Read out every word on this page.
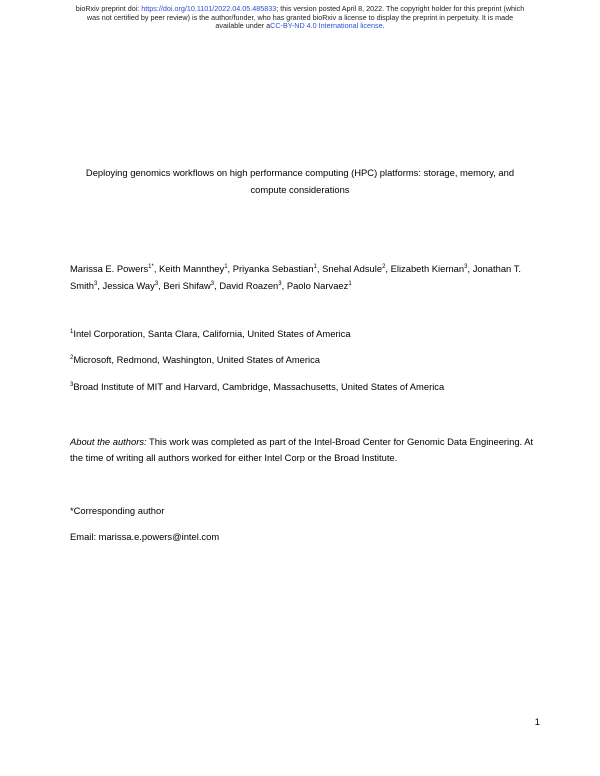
bioRxiv preprint doi: https://doi.org/10.1101/2022.04.05.485833; this version posted April 8, 2022. The copyright holder for this preprint (which
was not certified by peer review) is the author/funder, who has granted bioRxiv a license to display the preprint in perpetuity. It is made
available under aCC-BY-ND 4.0 International license.
Deploying genomics workflows on high performance computing (HPC) platforms: storage, memory, and
compute considerations
Marissa E. Powers$^{1*}$, Keith Mannthey$^1$, Priyanka Sebastian$^1$, Snehal Adsule$^2$, Elizabeth Kiernan$^3$, Jonathan T. Smith$^3$, Jessica Way$^3$, Beri Shifaw$^3$, David Roazen$^3$, Paolo Narvaez$^1$
$^1$Intel Corporation, Santa Clara, California, United States of America
$^2$Microsoft, Redmond, Washington, United States of America
$^3$Broad Institute of MIT and Harvard, Cambridge, Massachusetts, United States of America
About the authors: This work was completed as part of the Intel-Broad Center for Genomic Data Engineering. At the time of writing all authors worked for either Intel Corp or the Broad Institute.
*Corresponding author
Email: marissa.e.powers@intel.com
1
